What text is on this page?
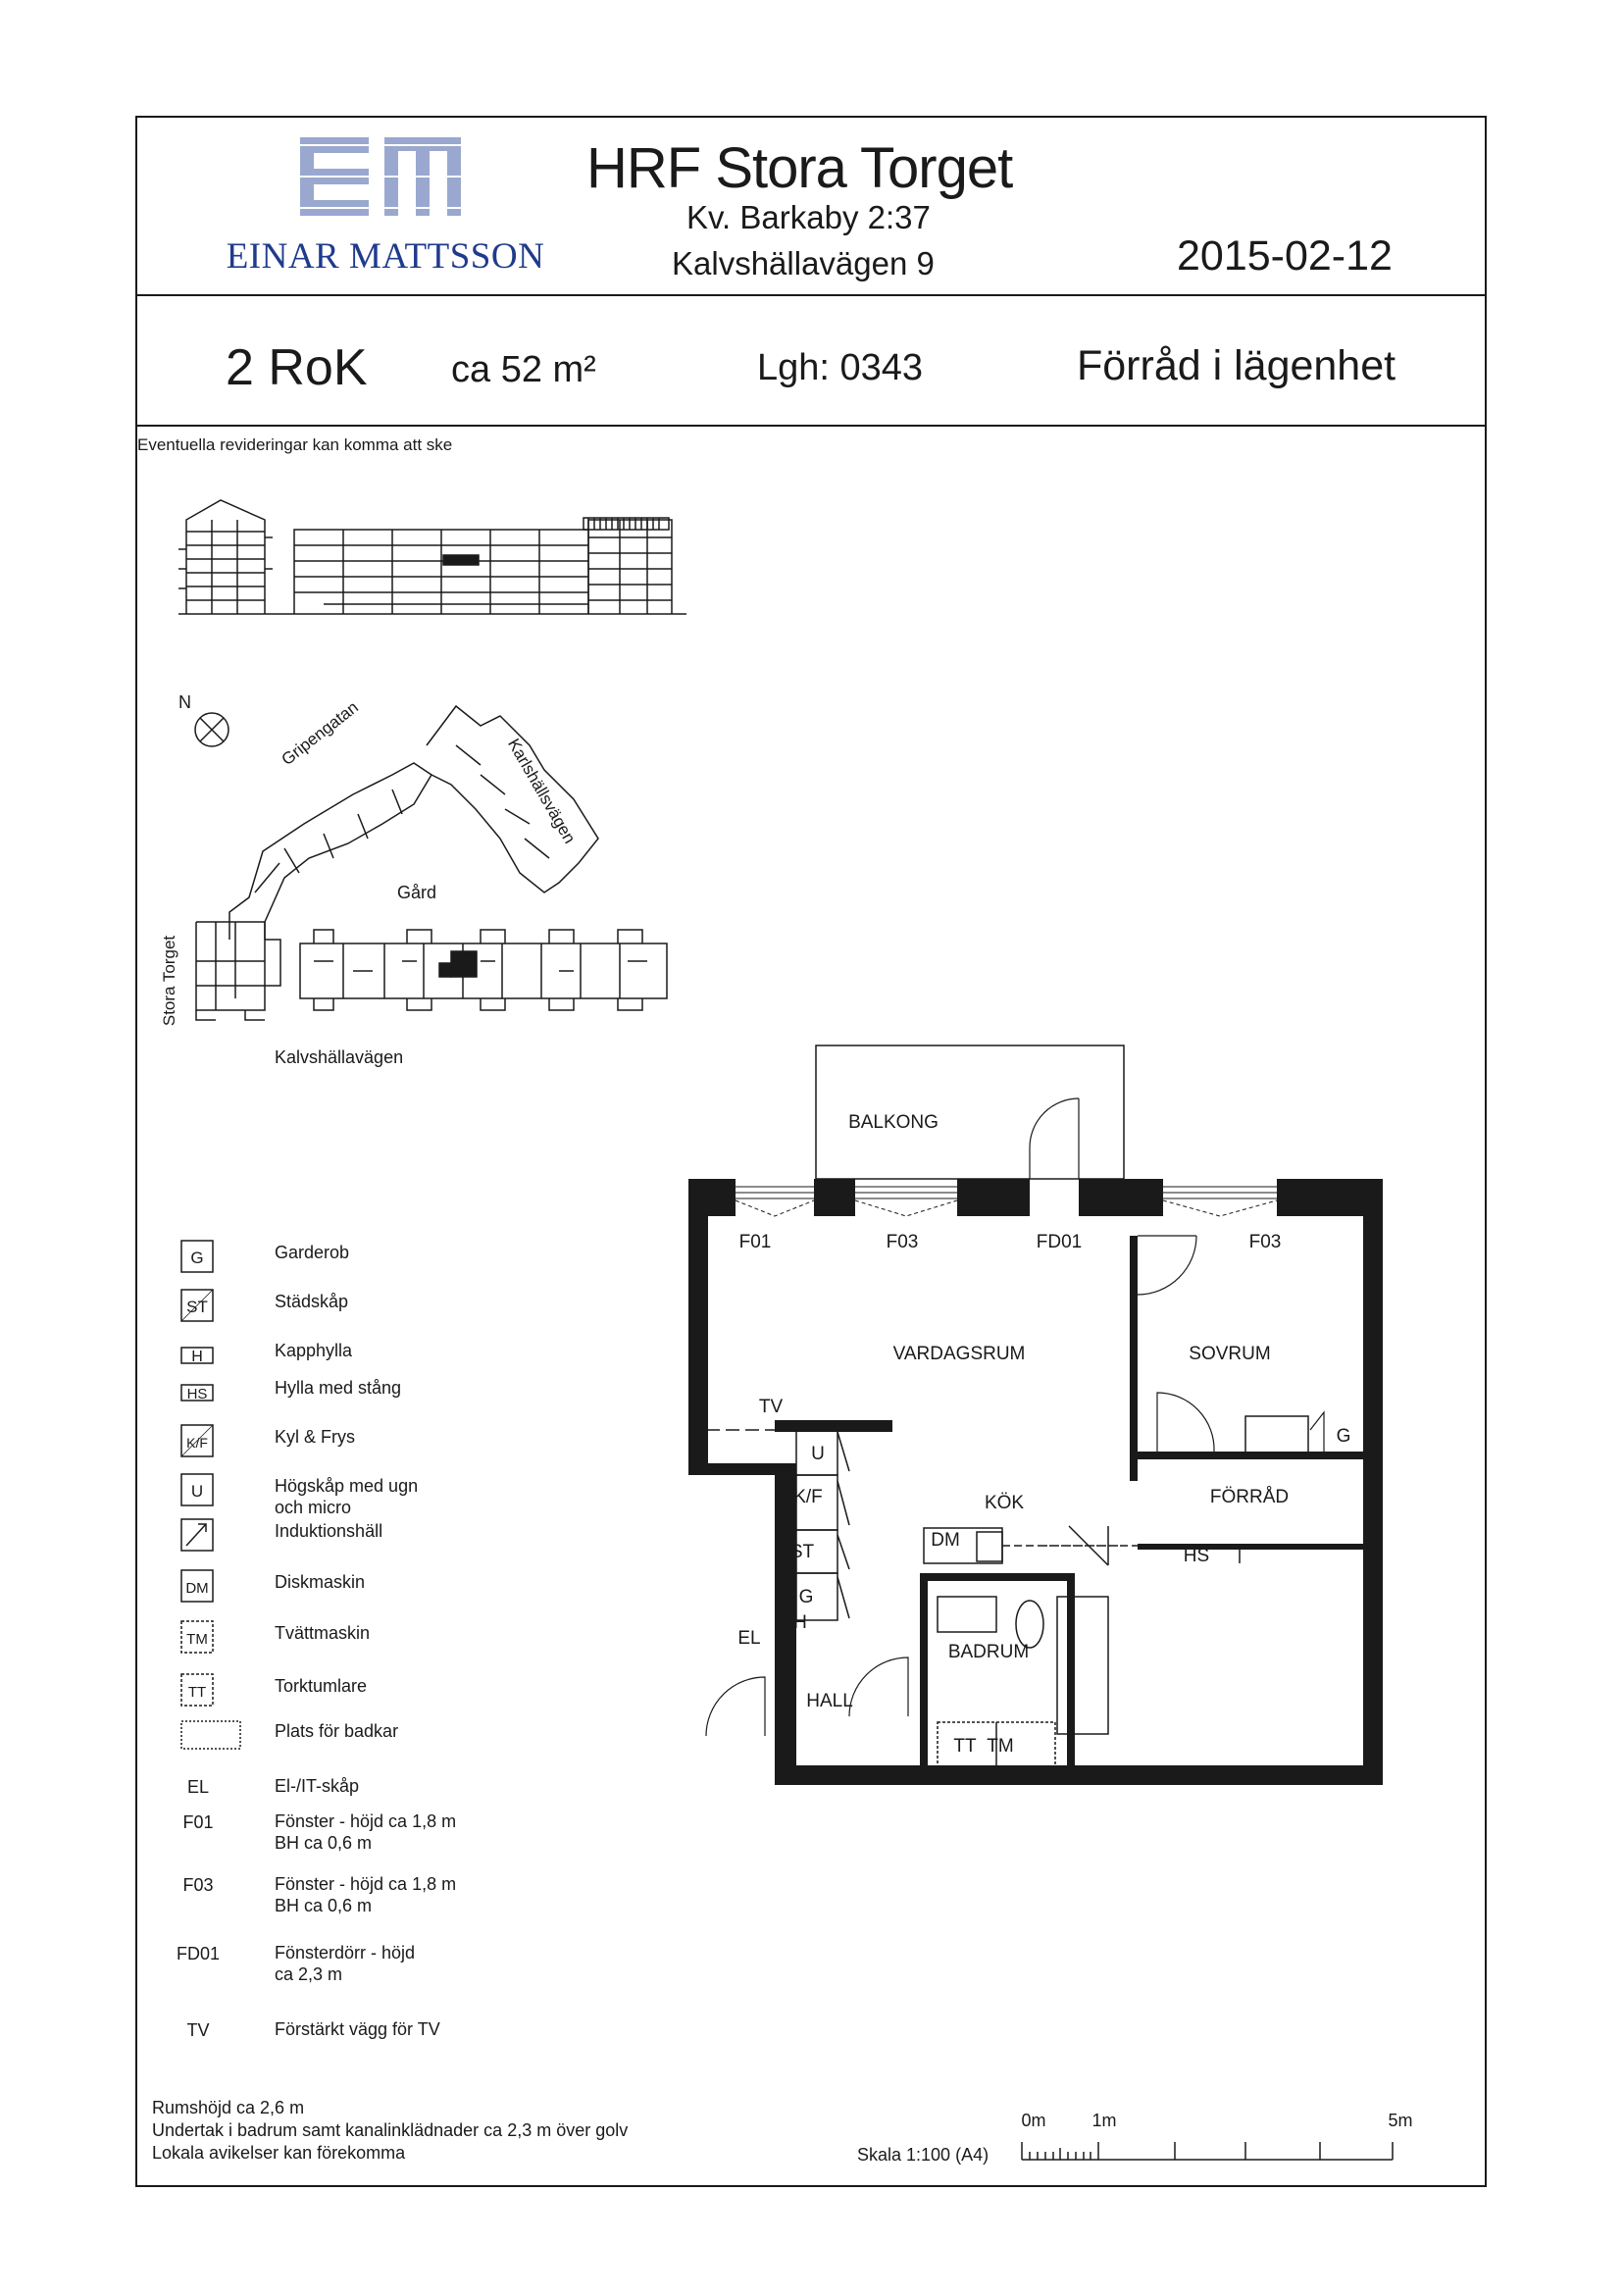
EINAR MATTSSON
HRF Stora Torget
Kv. Barkaby 2:37
Kalvshällavägen 9	2015-02-12
2 RoK ca 52 m²	Lgh: 0343	Förråd i lägenhet
Eventuella revideringar kan komma att ske
N	Gripengatan
Karlshällsvägen
Stora Torget
Gård
Kalvshällavägen
G	Garderob
ST	Städskåp
H	Kapphylla
HS	Hylla med stång
K/F	Kyl & Frys
U	Högskåp med ugn
och micro
Induktionshäll
DM	Diskmaskin
TM	Tvättmaskin
TT	Torktumlare
Plats för badkar
EL	El-/IT-skåp
F01	Fönster - höjd ca 1,8 m
BH ca 0,6 m
F03	Fönster - höjd ca 1,8 m
BH ca 0,6 m
FD01	Fönsterdörr - höjd
ca 2,3 m
TV	Förstärkt vägg för TV
BALKONG
VARDAGSRUM	SOVRUM
KÖK	FÖRRÅD
BADRUM
HALL
EL
TV
F01	F03	FD01	F03
U
K/F
ST
G
H
DM
HS
G
TT TM
Rumshöjd ca 2,6 m
Undertak i badrum samt kanalinklädnader ca 2,3 m över golv
Lokala avikelser kan förekomma	Skala 1:100 (A4)
0m	1m	5m
